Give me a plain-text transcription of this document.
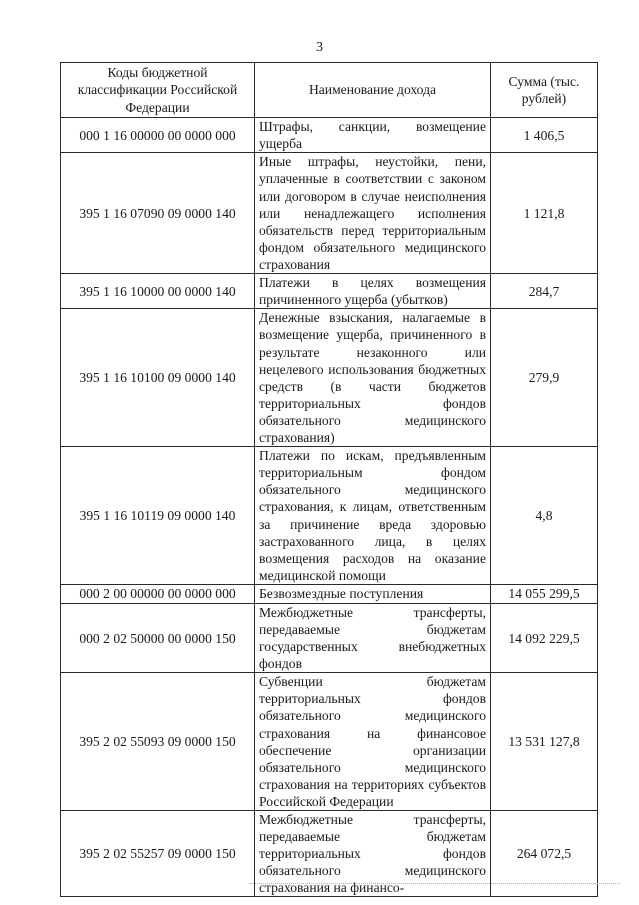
3
Коды бюджетной классификации Российской Федерации	Наименование дохода	Сумма (тыс. рублей)
000 1 16 00000 00 0000 000	Штрафы, санкции, возмещение ущерба	1 406,5
395 1 16 07090 09 0000 140	Иные штрафы, неустойки, пени, уплаченные в соответствии с законом или договором в случае неисполнения или ненадлежащего исполнения обязательств перед территориальным фондом обязательного медицинского страхования	1 121,8
395 1 16 10000 00 0000 140	Платежи в целях возмещения причиненного ущерба (убытков)	284,7
395 1 16 10100 09 0000 140	Денежные взыскания, налагаемые в возмещение ущерба, причиненного в результате незаконного или нецелевого использования бюджетных средств (в части бюджетов территориальных фондов обязательного медицинского страхования)	279,9
395 1 16 10119 09 0000 140	Платежи по искам, предъявленным территориальным фондом обязательного медицинского страхования, к лицам, ответственным за причинение вреда здоровью застрахованного лица, в целях возмещения расходов на оказание медицинской помощи	4,8
000 2 00 00000 00 0000 000	Безвозмездные поступления	14 055 299,5
000 2 02 50000 00 0000 150	Межбюджетные трансферты, передаваемые бюджетам государственных внебюджетных фондов	14 092 229,5
395 2 02 55093 09 0000 150	Субвенции бюджетам территориальных фондов обязательного медицинского страхования на финансовое обеспечение организации обязательного медицинского страхования на территориях субъектов Российской Федерации	13 531 127,8
395 2 02 55257 09 0000 150	Межбюджетные трансферты, передаваемые бюджетам территориальных фондов обязательного медицинского страхования на финансо-	264 072,5
